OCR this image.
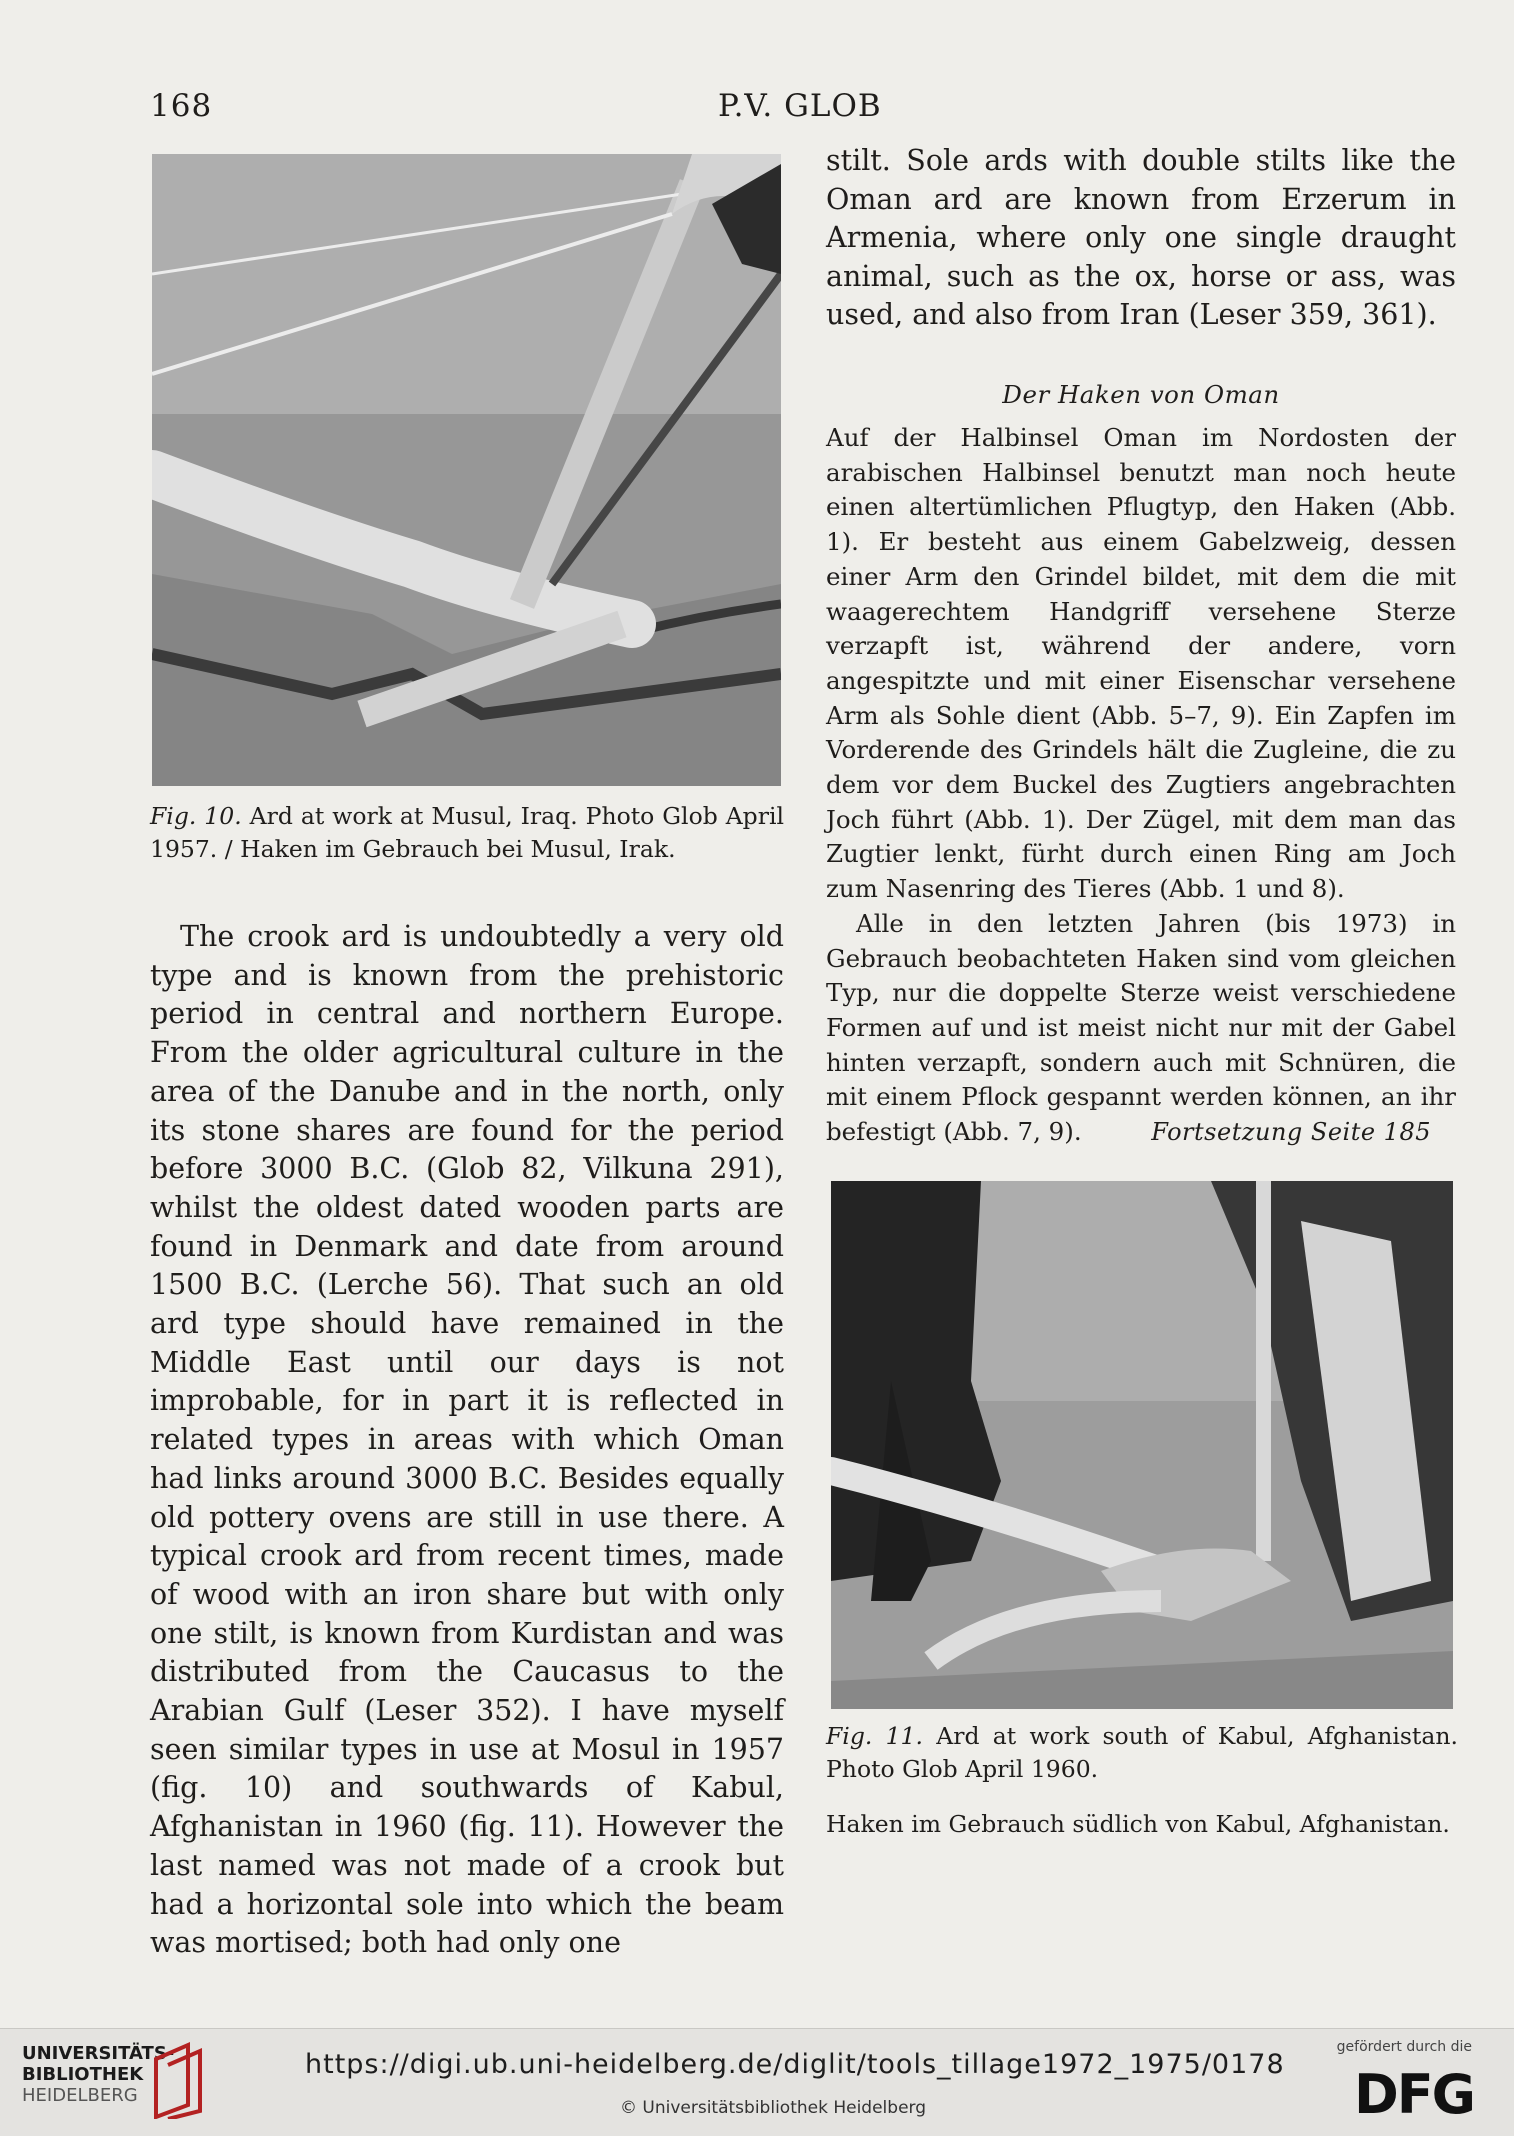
168	P.V. GLOB
Fig. 10. Ard at work at Musul, Iraq. Photo Glob April 1957. / Haken im Gebrauch bei Musul, Irak.
The crook ard is undoubtedly a very old type and is known from the prehistoric period in central and northern Europe. From the older agricultural culture in the area of the Danube and in the north, only its stone shares are found for the period before 3000 B.C. (Glob 82, Vilkuna 291), whilst the oldest dated wooden parts are found in Denmark and date from around 1500 B.C. (Lerche 56). That such an old ard type should have remained in the Middle East until our days is not improbable, for in part it is reflected in related types in areas with which Oman had links around 3000 B.C. Besides equally old pottery ovens are still in use there. A typical crook ard from recent times, made of wood with an iron share but with only one stilt, is known from Kurdistan and was distributed from the Caucasus to the Arabian Gulf (Leser 352). I have myself seen similar types in use at Mosul in 1957 (fig. 10) and southwards of Kabul, Afghanistan in 1960 (fig. 11). However the last named was not made of a crook but had a horizontal sole into which the beam was mortised; both had only one
stilt. Sole ards with double stilts like the Oman ard are known from Erzerum in Armenia, where only one single draught animal, such as the ox, horse or ass, was used, and also from Iran (Leser 359, 361).
Der Haken von Oman

Auf der Halbinsel Oman im Nordosten der arabischen Halbinsel benutzt man noch heute einen altertümlichen Pflugtyp, den Haken (Abb. 1). Er besteht aus einem Gabelzweig, dessen einer Arm den Grindel bildet, mit dem die mit waagerechtem Handgriff versehene Sterze verzapft ist, während der andere, vorn angespitzte und mit einer Eisenschar versehene Arm als Sohle dient (Abb. 5–7, 9). Ein Zapfen im Vorderende des Grindels hält die Zugleine, die zu dem vor dem Buckel des Zugtiers angebrachten Joch führt (Abb. 1). Der Zügel, mit dem man das Zugtier lenkt, fürht durch einen Ring am Joch zum Nasenring des Tieres (Abb. 1 und 8).

Alle in den letzten Jahren (bis 1973) in Gebrauch beobachteten Haken sind vom gleichen Typ, nur die doppelte Sterze weist verschiedene Formen auf und ist meist nicht nur mit der Gabel hinten verzapft, sondern auch mit Schnüren, die mit einem Pflock gespannt werden können, an ihr befestigt (Abb. 7, 9).	Fortsetzung Seite 185
Fig. 11. Ard at work south of Kabul, Afghanistan. Photo Glob April 1960.
Haken im Gebrauch südlich von Kabul, Afghanistan.
UNIVERSITÄTS-
BIBLIOTHEK
HEIDELBERG
https://digi.ub.uni-heidelberg.de/diglit/tools_tillage1972_1975/0178
© Universitätsbibliothek Heidelberg
gefördert durch die
DFG
